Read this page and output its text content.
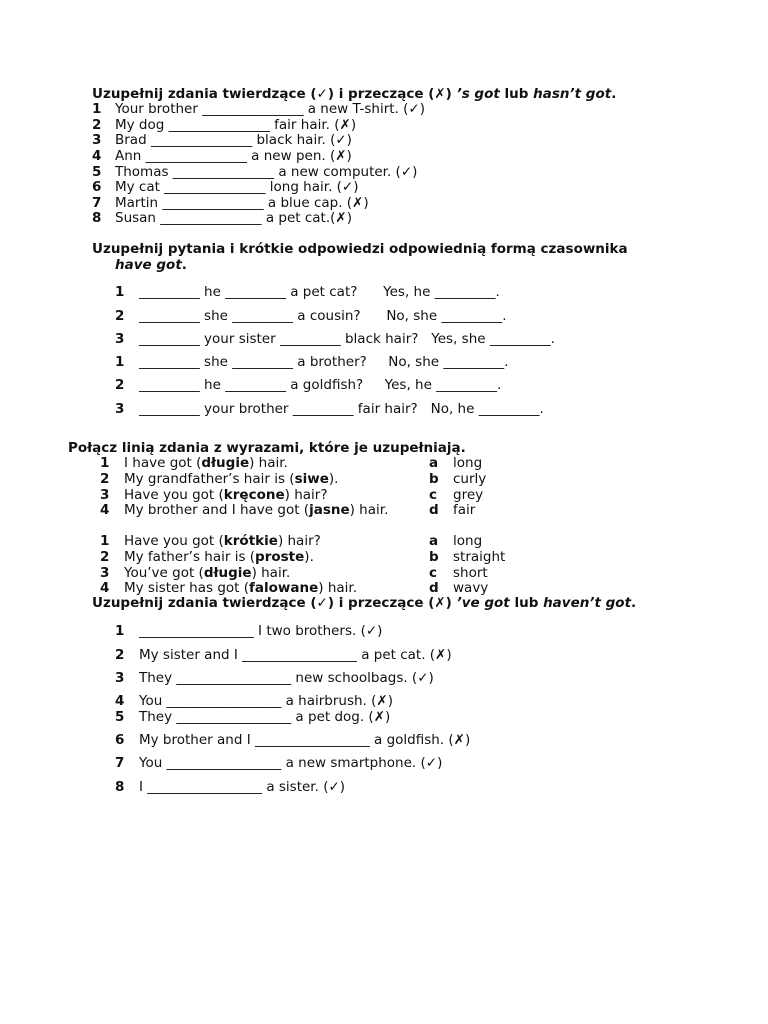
Uzupełnij zdania twierdzące (✓) i przeczące (✗) ’s got lub hasn’t got.
1 Your brother _______________ a new T-shirt. (✓)
2 My dog _______________ fair hair. (✗)
3 Brad _______________ black hair. (✓)
4 Ann _______________ a new pen. (✗)
5 Thomas _______________ a new computer. (✓)
6 My cat _______________ long hair. (✓)
7 Martin _______________ a blue cap. (✗)
8 Susan _______________ a pet cat.(✗)
Uzupełnij pytania i krótkie odpowiedzi odpowiednią formą czasownika
have got.
1 _________ he _________ a pet cat?      Yes, he _________.
2 _________ she _________ a cousin?      No, she _________.
3 _________ your sister _________ black hair?   Yes, she _________.
1 _________ she _________ a brother?     No, she _________.
2 _________ he _________ a goldfish?     Yes, he _________.
3 _________ your brother _________ fair hair?   No, he _________.
Połącz linią zdania z wyrazami, które je uzupełniają.
1 I have got (długie) hair.	a long
2 My grandfather’s hair is (siwe).	b curly
3 Have you got (kręcone) hair?	c grey
4 My brother and I have got (jasne) hair.	d fair
1 Have you got (krótkie) hair?	a long
2 My father’s hair is (proste).	b straight
3 You’ve got (długie) hair.	c short
4 My sister has got (falowane) hair.	d wavy
Uzupełnij zdania twierdzące (✓) i przeczące (✗) ’ve got lub haven’t got.
1 _________________ I two brothers. (✓)
2 My sister and I _________________ a pet cat. (✗)
3 They _________________ new schoolbags. (✓)
4 You _________________ a hairbrush. (✗)
5 They _________________ a pet dog. (✗)
6 My brother and I _________________ a goldfish. (✗)
7 You _________________ a new smartphone. (✓)
8 I _________________ a sister. (✓)
